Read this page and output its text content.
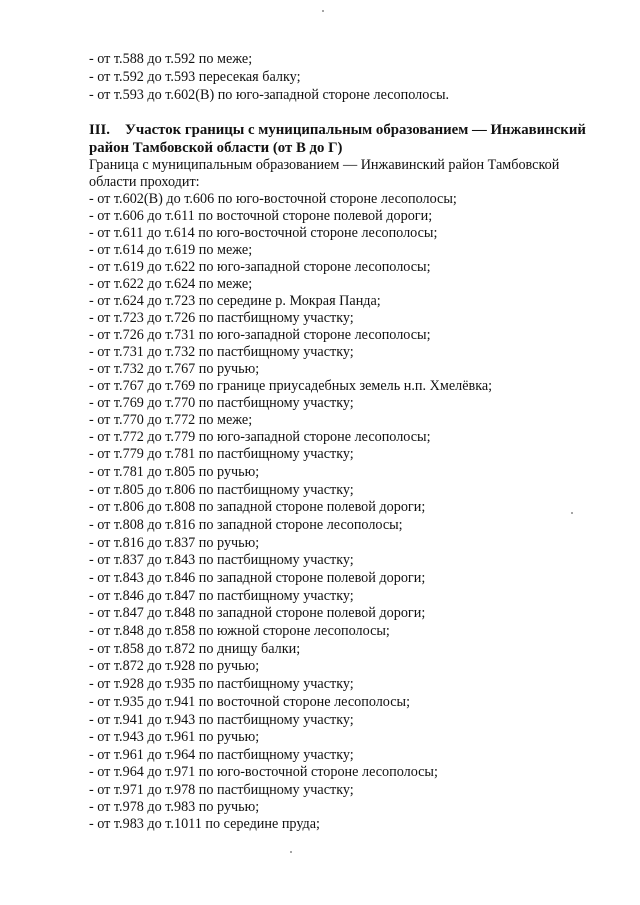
- от т.588 до т.592 по меже;
- от т.592 до т.593 пересекая балку;
- от т.593 до т.602(В) по юго-западной стороне лесополосы.
III. Участок границы с муниципальным образованием — Инжавинский район Тамбовской области (от В до Г)
Граница с муниципальным образованием — Инжавинский район Тамбовской области проходит:
- от т.602(В) до т.606 по юго-восточной стороне лесополосы;
- от т.606 до т.611 по восточной стороне полевой дороги;
- от т.611 до т.614 по юго-восточной стороне лесополосы;
- от т.614 до т.619 по меже;
- от т.619 до т.622 по юго-западной стороне лесополосы;
- от т.622 до т.624 по меже;
- от т.624 до т.723 по середине р. Мокрая Панда;
- от т.723 до т.726 по пастбищному участку;
- от т.726 до т.731 по юго-западной стороне лесополосы;
- от т.731 до т.732 по пастбищному участку;
- от т.732 до т.767 по ручью;
- от т.767 до т.769 по границе приусадебных земель н.п. Хмелёвка;
- от т.769 до т.770 по пастбищному участку;
- от т.770 до т.772 по меже;
- от т.772 до т.779 по юго-западной стороне лесополосы;
- от т.779 до т.781 по пастбищному участку;
- от т.781 до т.805 по ручью;
- от т.805 до т.806 по пастбищному участку;
- от т.806 до т.808 по западной стороне полевой дороги;
- от т.808 до т.816 по западной стороне лесополосы;
- от т.816 до т.837 по ручью;
- от т.837 до т.843 по пастбищному участку;
- от т.843 до т.846 по западной стороне полевой дороги;
- от т.846 до т.847 по пастбищному участку;
- от т.847 до т.848 по западной стороне полевой дороги;
- от т.848 до т.858 по южной стороне лесополосы;
- от т.858 до т.872 по днищу балки;
- от т.872 до т.928 по ручью;
- от т.928 до т.935 по пастбищному участку;
- от т.935 до т.941 по восточной стороне лесополосы;
- от т.941 до т.943 по пастбищному участку;
- от т.943 до т.961 по ручью;
- от т.961 до т.964 по пастбищному участку;
- от т.964 до т.971 по юго-восточной стороне лесополосы;
- от т.971 до т.978 по пастбищному участку;
- от т.978 до т.983 по ручью;
- от т.983 до т.1011 по середине пруда;
